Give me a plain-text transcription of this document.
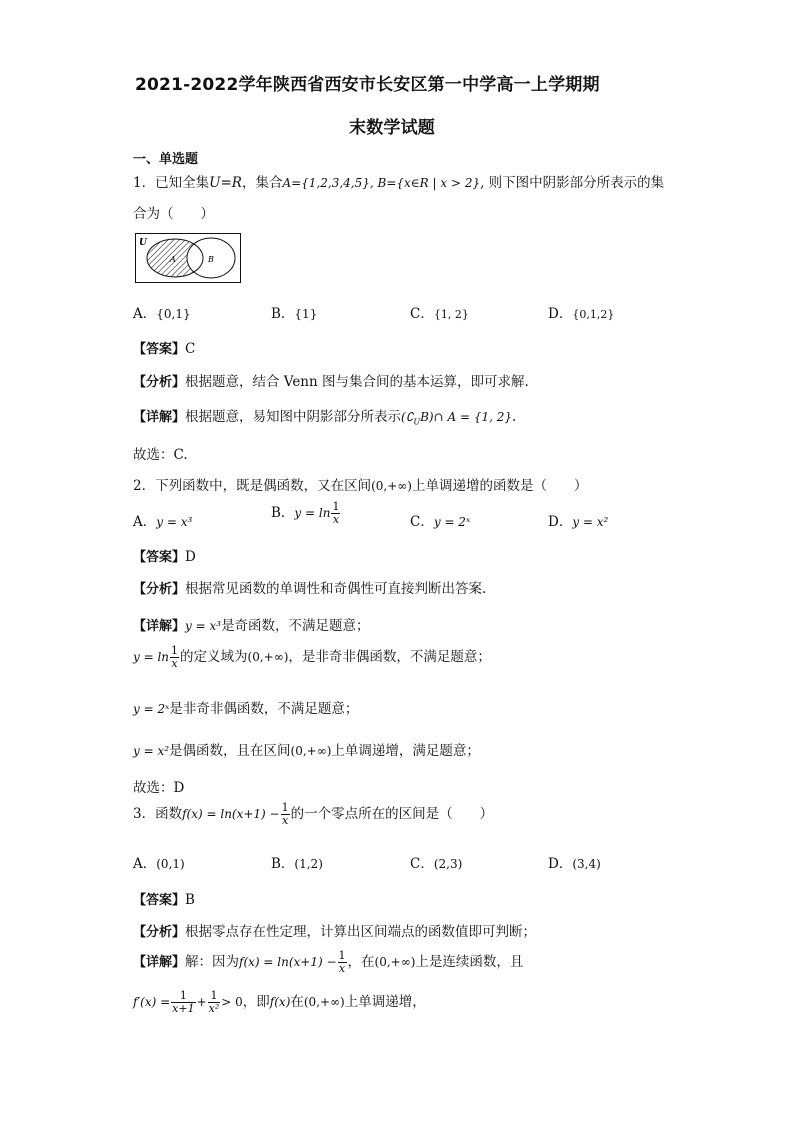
2021-2022学年陕西省西安市长安区第一中学高一上学期期
末数学试题
一、单选题
1．已知全集U=R，集合A={1,2,3,4,5}, B={x∈R | x > 2}, 则下图中阴影部分所表示的集
合为（　　）
U
A	B
A．{0,1}	B．{1}	C．{1, 2}	D．{0,1,2}
【答案】C
【分析】根据题意，结合 Venn 图与集合间的基本运算，即可求解.
【详解】根据题意，易知图中阴影部分所表示$(∁_UB)\cap$ A = {1, 2}.
故选：C.
2．下列函数中，既是偶函数，又在区间(0,+∞)上单调递增的函数是（　　）
A．y = x³
B．$y = \ln \frac{1}{x}$	C．y = 2ˣ	D．y = x²
【答案】D
【分析】根据常见函数的单调性和奇偶性可直接判断出答案.
【详解】y = x³是奇函数，不满足题意；
$y = \ln \frac{1}{x}$ 的定义域为(0,+∞)，是非奇非偶函数，不满足题意；
y = 2ˣ是非奇非偶函数，不满足题意；
y = x²是偶函数，且在区间(0,+∞)上单调递增，满足题意；
故选：D
3．函数$f(x) = \ln(x+1) - \frac{1}{x}$ 的一个零点所在的区间是（　　）
A．(0,1)	B．(1,2)	C．(2,3)	D．(3,4)
【答案】B
【分析】根据零点存在性定理，计算出区间端点的函数值即可判断；
【详解】解：因为$f(x) = \ln(x+1) - \frac{1}{x}$ ，在(0,+∞)上是连续函数，且
$f'(x) = \frac{1}{x+1} + \frac{1}{\text{x²}} > 0$，即f(x)在(0,+∞)上单调递增，
